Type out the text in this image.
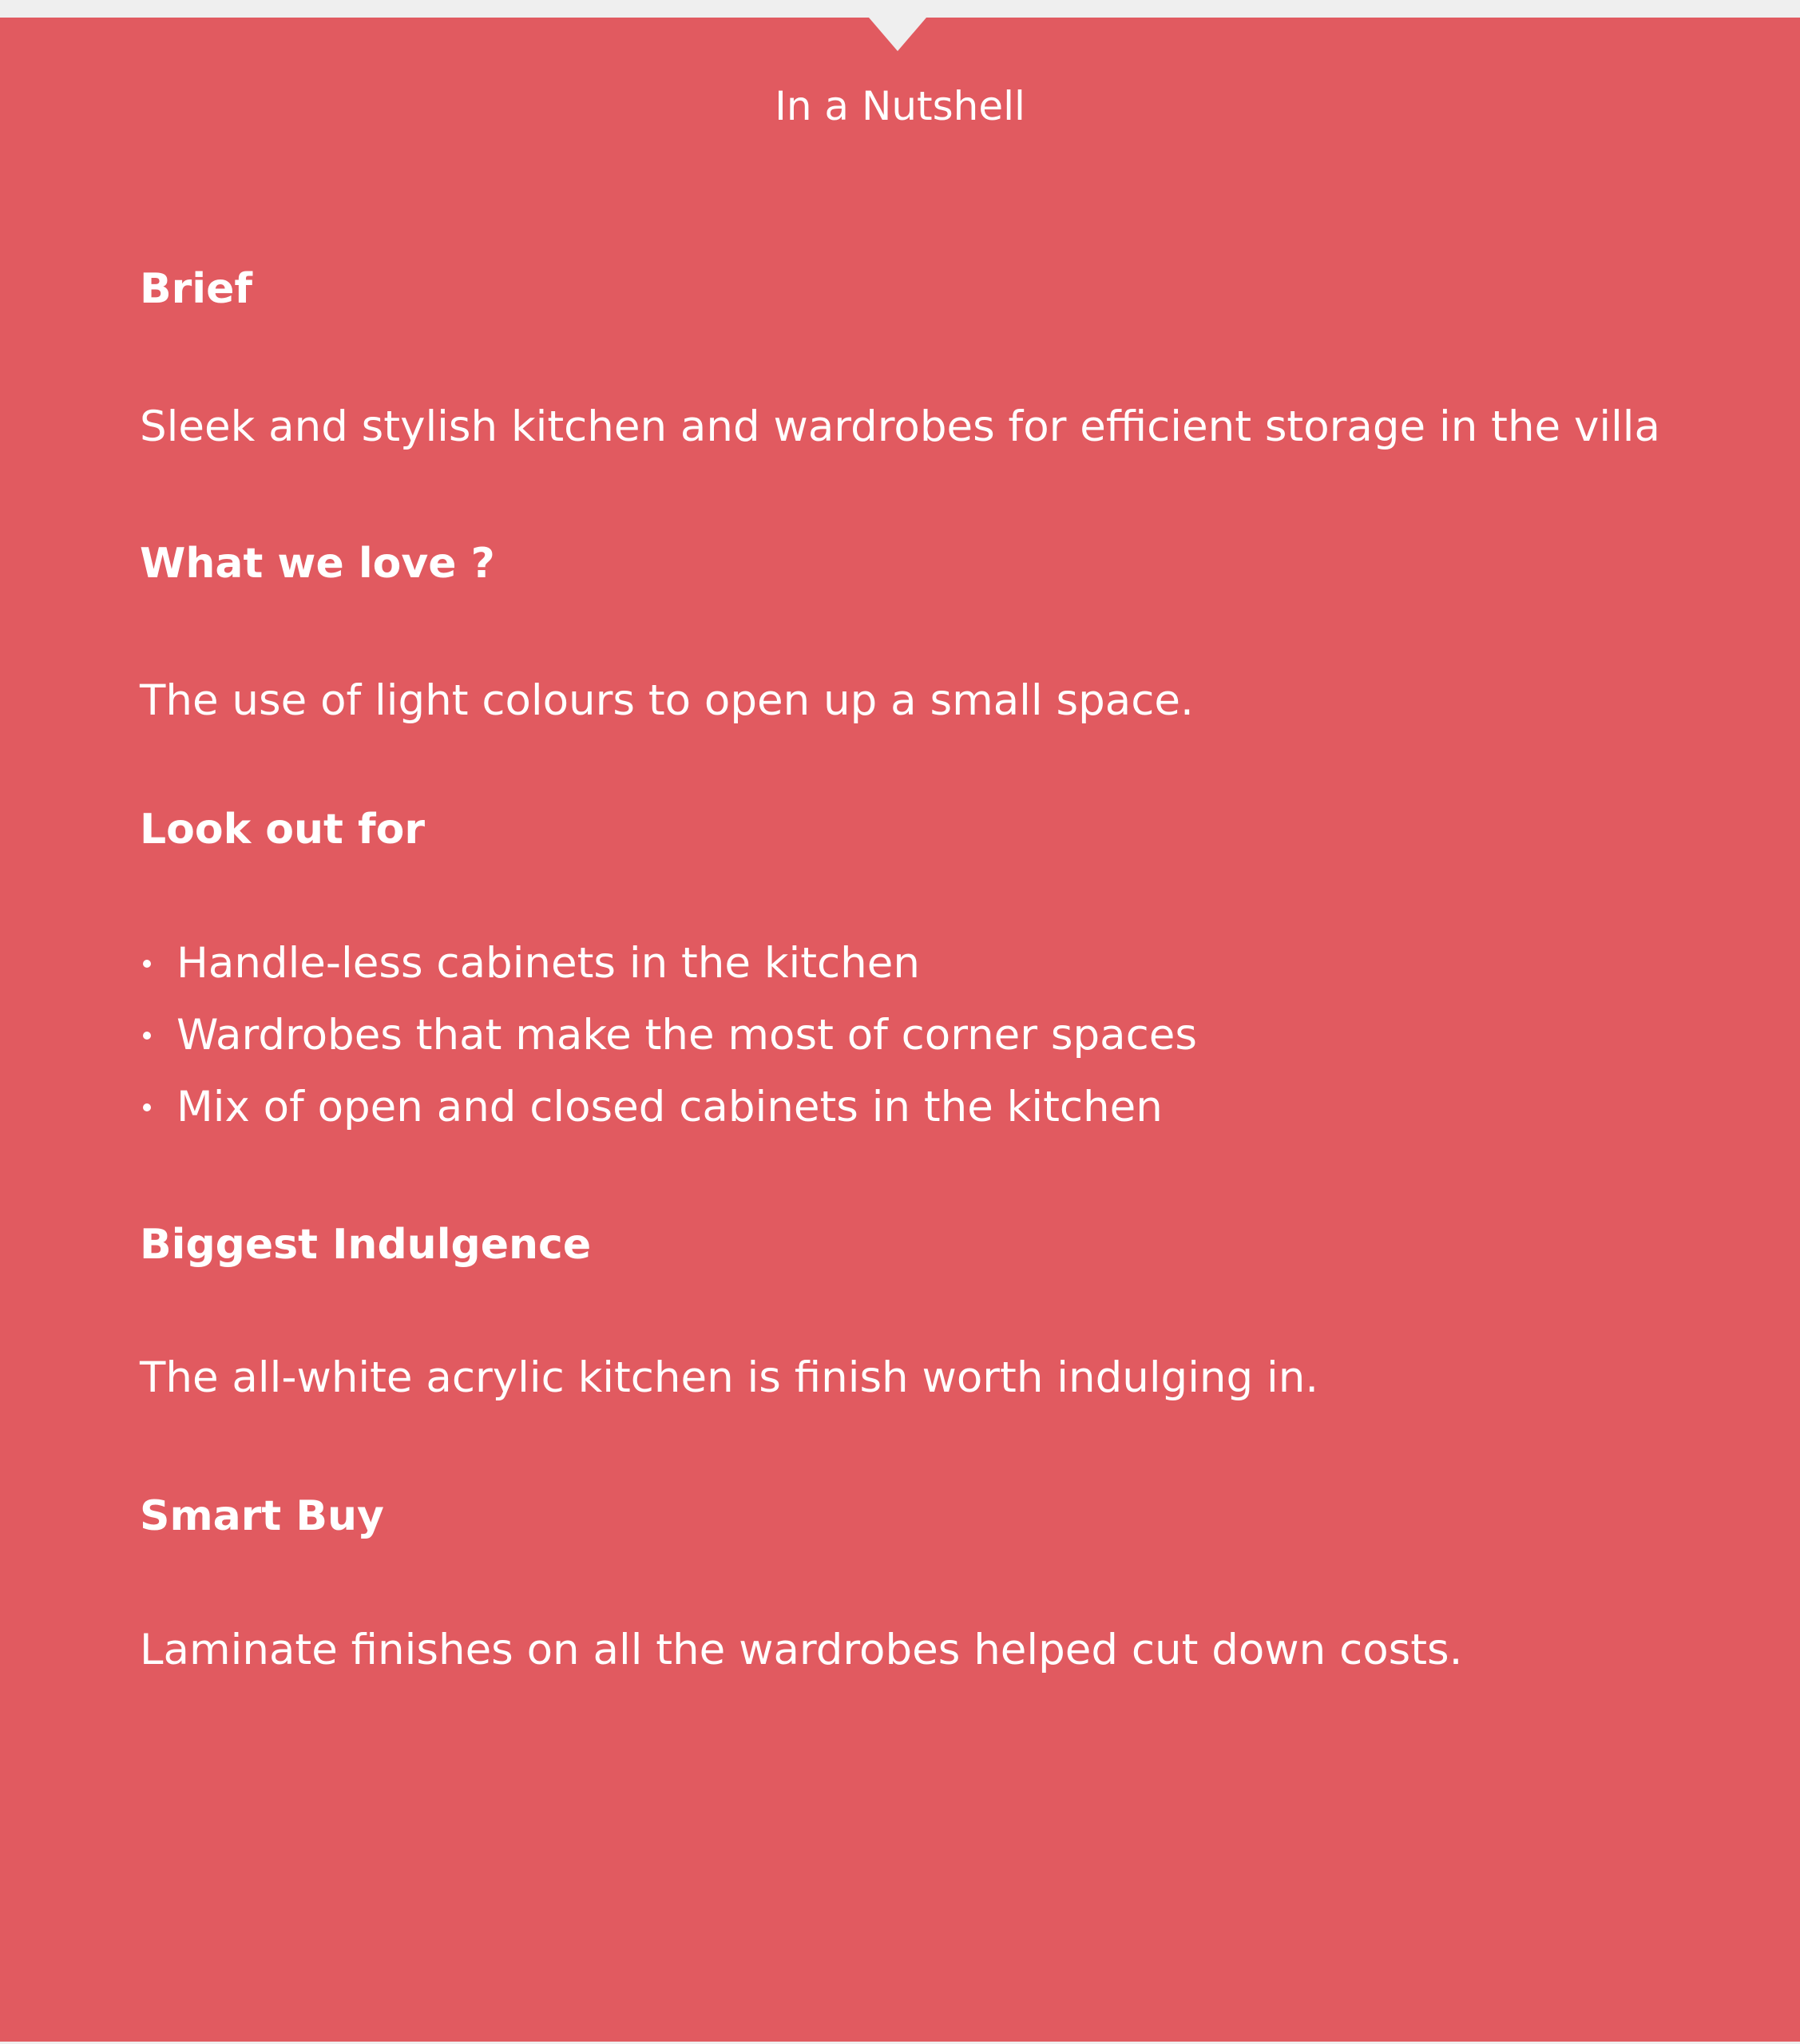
In a Nutshell
Brief
Sleek and stylish kitchen and wardrobes for efficient storage in the villa
What we love ?
The use of light colours to open up a small space.
Look out for
Handle-less cabinets in the kitchen
Wardrobes that make the most of corner spaces
Mix of open and closed cabinets in the kitchen
Biggest Indulgence
The all-white acrylic kitchen is finish worth indulging in.
Smart Buy
Laminate finishes on all the wardrobes helped cut down costs.
